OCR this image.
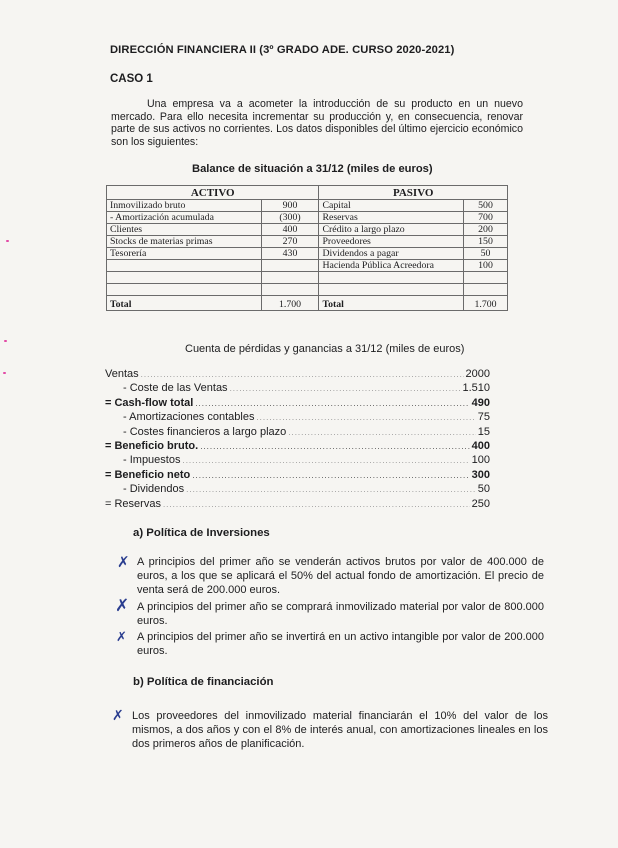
DIRECCIÓN FINANCIERA II (3º GRADO ADE. CURSO 2020-2021)
CASO 1
Una empresa va a acometer la introducción de su producto en un nuevo mercado. Para ello necesita incrementar su producción y, en consecuencia, renovar parte de sus activos no corrientes. Los datos disponibles del último ejercicio económico son los siguientes:
Balance de situación a 31/12 (miles de euros)
ACTIVO		PASIVO	
Inmovilizado bruto	900	Capital	500
- Amortización acumulada	(300)	Reservas	700
Clientes	400	Crédito a largo plazo	200
Stocks de materias primas	270	Proveedores	150
Tesorería	430	Dividendos a pagar	50
		Hacienda Pública Acreedora	100

Total	1.700	Total	1.700
Cuenta de pérdidas y ganancias a 31/12 (miles de euros)
Ventas .....	2000
- Coste de las Ventas .....	1.510
= Cash-flow total .....	490
- Amortizaciones contables .....	75
- Costes financieros a largo plazo .....	15
= Beneficio bruto. .....	400
- Impuestos .....	100
= Beneficio neto .....	300
- Dividendos .....	50
= Reservas .....	250
a) Política de Inversiones
✗ A principios del primer año se venderán activos brutos por valor de 400.000 de euros, a los que se aplicará el 50% del actual fondo de amortización. El precio de venta será de 200.000 euros.
✗ A principios del primer año se comprará inmovilizado material por valor de 800.000 euros.
✗ A principios del primer año se invertirá en un activo intangible por valor de 200.000 euros.
b) Política de financiación
✗ Los proveedores del inmovilizado material financiarán el 10% del valor de los mismos, a dos años y con el 8% de interés anual, con amortizaciones lineales en los dos primeros años de planificación.
